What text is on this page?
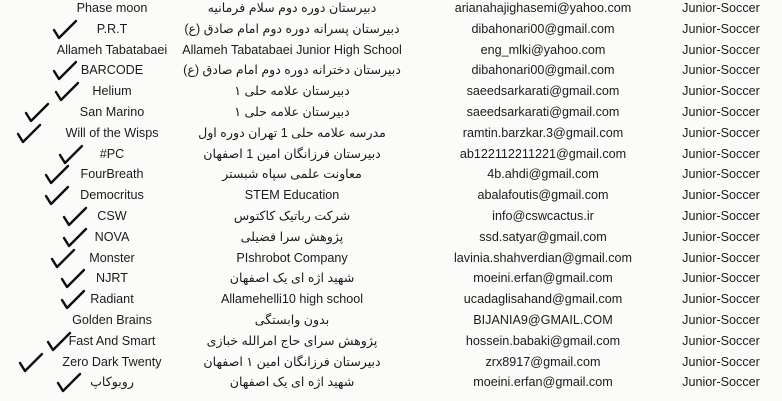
Phase moon	دبیرستان دوره دوم سلام فرمانیه	arianahajighasemi@yahoo.com	Junior-Soccer
P.R.T	دبیرستان پسرانه دوره دوم امام صادق (ع)	dibahonari00@gmail.com	Junior-Soccer
Allameh Tabatabaei	Allameh Tabatabaei Junior High School	eng_mlki@yahoo.com	Junior-Soccer
BARCODE	دبیرستان دخترانه دوره دوم امام صادق (ع)	dibahonari00@gmail.com	Junior-Soccer
Helium	دبیرستان علامه حلی ۱	saeedsarkarati@gmail.com	Junior-Soccer
San Marino	دبیرستان علامه حلی ۱	saeedsarkarati@gmail.com	Junior-Soccer
Will of the Wisps	مدرسه علامه حلی 1 تهران دوره اول	ramtin.barzkar.3@gmail.com	Junior-Soccer
#PC	دبیرستان فرزانگان امین 1 اصفهان	ab122112211221@gmail.com	Junior-Soccer
FourBreath	معاونت علمی سپاه شبستر	4b.ahdi@gmail.com	Junior-Soccer
Democritus	STEM Education	abalafoutis@gmail.com	Junior-Soccer
CSW	شرکت رباتیک کاکتوس	info@cswcactus.ir	Junior-Soccer
NOVA	پژوهش سرا فضیلی	ssd.satyar@gmail.com	Junior-Soccer
Monster	PIshrobot Company	lavinia.shahverdian@gmail.com	Junior-Soccer
NJRT	شهید اژه ای یک اصفهان	moeini.erfan@gmail.com	Junior-Soccer
Radiant	Allamehelli10 high school	ucadaglisahand@gmail.com	Junior-Soccer
Golden Brains	بدون وابستگی	BIJANIA9@GMAIL.COM	Junior-Soccer
Fast And Smart	پژوهش سرای حاج امرالله خبازی	hossein.babaki@gmail.com	Junior-Soccer
Zero Dark Twenty	دبیرستان فرزانگان امین ۱ اصفهان	zrx8917@gmail.com	Junior-Soccer
روبوکاپ	شهید اژه ای یک اصفهان	moeini.erfan@gmail.com	Junior-Soccer
